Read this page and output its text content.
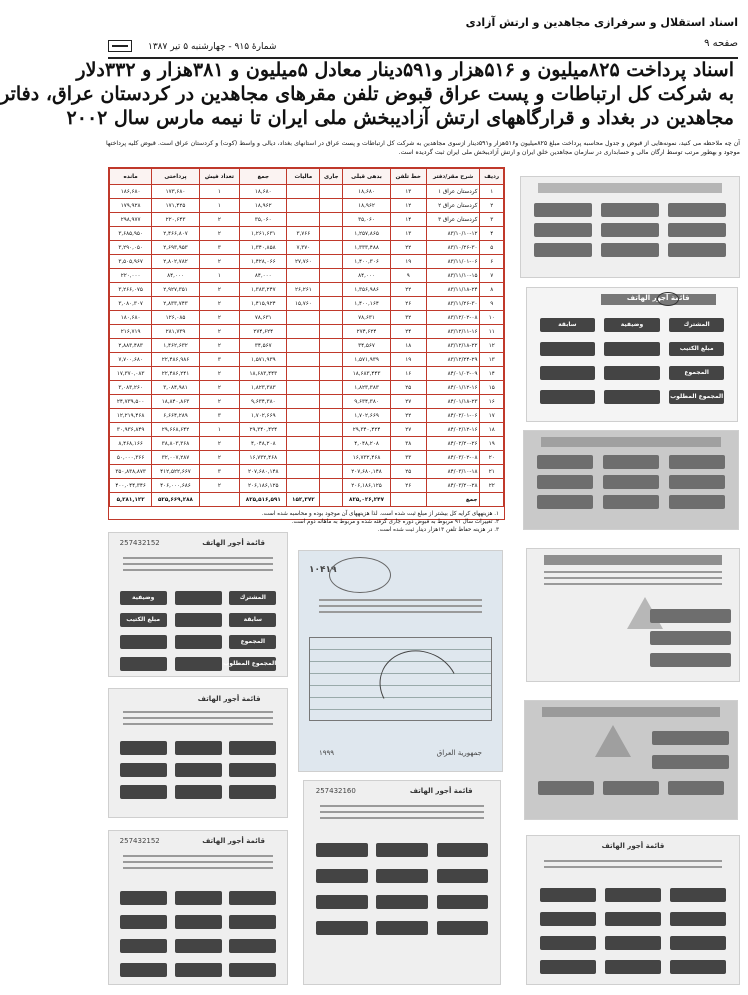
اسناد استقلال و سرفرازی مجاهدین و ارتش آزادی
صفحه ۹
شمارهٔ ۹۱۵ - چهارشنبه ۵ تیر ۱۳۸۷

اسناد پرداخت ۸۲۵میلیون و ۵۱۶هزار و۵۹۱دینار معادل ۵میلیون و ۳۸۱هزار و ۳۳۲دلار

به شرکت کل ارتباطات و پست عراق قبوض تلفن مقرهای مجاهدین در کردستان عراق، دفاتر

مجاهدین در بغداد و قرارگاههای ارتش آزادیبخش ملی ایران تا نیمه مارس سال ۲۰۰۲

آن چه ملاحظه می کنید، نمونه‌هایی از قبوض و جدول محاسبه پرداخت مبلغ ۸۲۵میلیون و۵۱۶هزار و۵۹۱دینار ازسوی مجاهدین به شرکت کل ارتباطات و پست عراق در استانهای بغداد، دیالی و واسط (کوت) و کردستان عراق است. قبوض کلیه پرداختها موجود و بهطور مرتب توسط ارگان مالی و حسابداری در سازمان مجاهدین خلق ایران و ارتش آزادیبخش ملی ایران ثبت گردیده است.

ردیف	شرح مقر/دفتر	خط تلفن	بدهی قبلی	جاری	مالیات	جمع	تعداد فیش	پرداختی	مانده
۱	کردستان عراق ۱	۱۳	۱۸,۶۸۰			۱۸,۶۸۰	۱	۱۷۳,۶۸۰	۱۸۶,۶۸۰
۲	کردستان عراق ۲	۱۲	۱۸,۹۶۲			۱۸,۹۶۲	۱	۱۷۱,۴۲۵	۱۷۹,۹۲۸
۳	کردستان عراق ۳	۱۴	۳۵,۰۶۰			۳۵,۰۶۰	۲	۲۲۰,۶۴۳	۲۹۸,۹۷۷
۴	۸۳/۱۰/۱۰-۱۲	۱۳	۱,۲۵۷,۸۶۵		۳,۷۶۶	۱,۲۶۱,۶۳۱	۲	۲,۴۶۶,۸۰۷	۳,۶۸۵,۹۵۰
۵	۸۳/۱۰/۲۶-۳۰	۲۲	۱,۳۳۳,۴۸۸		۷,۳۷۰	۱,۳۴۰,۸۵۸	۳	۲,۶۹۳,۹۵۳	۳,۲۹۰,۰۵۰
۶	۸۳/۱۱/۰۱-۰۶	۱۹	۱,۴۰۰,۳۰۶		۲۷,۷۶۰	۱,۴۲۸,۰۶۶	۲	۲,۸۰۲,۷۸۲	۳,۵۰۵,۹۶۷
۷	۸۳/۱۱/۱۰-۱۵	۹	۸۴,۰۰۰			۸۴,۰۰۰	۱	۸۴,۰۰۰	۲۲۰,۰۰۰
۸	۸۳/۱۱/۱۸-۲۴	۲۲	۱,۳۵۶,۹۸۶		۲۶,۲۶۱	۱,۳۸۳,۲۴۷	۲	۲,۹۲۷,۳۵۱	۳,۲۶۶,۰۷۵
۹	۸۳/۱۱/۲۶-۳۰	۲۶	۱,۴۰۰,۱۶۴		۱۵,۷۶۰	۱,۴۱۵,۹۲۴	۲	۲,۸۳۳,۷۴۳	۳,۰۸۰,۳۰۷
۱۰	۸۳/۱۲/۰۲-۰۸	۳۲	۷۸,۶۳۱			۷۸,۶۳۱	۲	۱۲۶,۰۸۵	۱۸۰,۶۸۰
۱۱	۸۳/۱۲/۱۱-۱۶	۲۴	۲۷۴,۶۲۴			۲۷۴,۶۲۴	۲	۲۸۱,۷۳۹	۲۱۶,۷۱۹
۱۲	۸۳/۱۲/۱۸-۲۲	۱۸	۳۴,۵۶۷			۳۴,۵۶۷	۲	۱,۴۶۲,۶۳۲	۲,۸۸۳,۴۸۳
۱۳	۸۳/۱۲/۲۴-۲۹	۱۹	۱,۵۷۱,۹۳۹			۱,۵۷۱,۹۳۹	۳	۲۲,۴۸۶,۹۸۶	۷,۷۰۰,۶۸۰
۱۴	۸۴/۰۱/۰۳-۰۹	۱۶	۱۸,۶۸۳,۴۴۳			۱۸,۶۸۳,۴۴۳	۲	۲۲,۴۸۶,۲۴۱	۱۷,۳۷۰,۰۸۳
۱۵	۸۴/۰۱/۱۲-۱۶	۲۵	۱,۸۲۳,۳۸۳			۱,۸۲۳,۳۸۳	۲	۳,۰۸۴,۹۸۱	۳,۰۸۳,۲۶۰
۱۶	۸۴/۰۱/۱۸-۲۳	۲۷	۹,۶۳۴,۳۸۰			۹,۶۳۴,۳۸۰	۲	۱۸,۸۴۰,۸۶۳	۲۴,۷۳۹,۵۰۰
۱۷	۸۴/۰۲/۰۱-۰۶	۲۲	۱,۷۰۲,۶۶۹			۱,۷۰۲,۶۶۹	۳	۶,۶۶۴,۲۸۹	۱۲,۲۱۹,۴۶۸
۱۸	۸۴/۰۲/۱۲-۱۶	۲۷	۲۹,۳۴۰,۴۲۴			۲۹,۳۴۰,۴۲۴	۱	۲۹,۶۶۸,۶۴۲	۳۰,۹۳۶,۸۴۹
۱۹	۸۴/۰۲/۲۰-۲۶	۳۸	۴,۰۴۸,۲۰۸			۴,۰۴۸,۲۰۸	۲	۳۸,۸۰۳,۳۶۸	۸,۴۶۸,۱۶۶
۲۰	۸۴/۰۳/۰۲-۰۸	۳۳	۱۶,۷۳۲,۴۶۸			۱۶,۷۳۲,۴۶۸	۲	۳۲,۰۰۷,۲۸۷	۵۰,۰۰۰,۳۶۶
۲۱	۸۴/۰۳/۱۰-۱۸	۲۵	۲۰۷,۶۸۰,۱۴۸			۲۰۷,۶۸۰,۱۴۸	۳	۴۱۲,۵۲۲,۶۶۷	۳۵۰,۸۳۸,۸۷۳
۲۲	۸۴/۰۳/۲۰-۲۸	۲۶	۲۰۶,۱۸۶,۱۲۵			۲۰۶,۱۸۶,۱۲۵	۲	۴۰۶,۰۰۰,۶۸۶	۴۰۰,۰۴۴,۳۴۶
	جمع		۸۲۵,۰۲۶,۲۴۷		۱۵۲,۳۷۲	۸۲۵,۵۱۶,۵۹۱		۵۲۵,۶۶۹,۲۸۸	۵,۲۸۱,۱۲۲

۱. هزینههای کرایه کل بیشتر از مبلغ ثبت شده است. لذا هزینههای آن موجود بوده و محاسبه شده است.

۲. تغییرات سال ۹۱ مربوط به قبوض دوره جاری گرفته شده و مربوط به ماهانه دوم است.

۳. در هزینه حفاظ تلفن ۱۳هزار دینار ثبت شده است.

قائمة أجور الهاتف
المشترك
وضيفية
سابقة
مبلغ الكتيب
المجموع
المجموع المطلوب
قائمة أجور الهاتف
257432152	قائمة أجور الهاتف
المشترك
وضيفية
سابقة
مبلغ الكتيب
المجموع
المجموع المطلوب
قائمة أجور الهاتف
257432152	قائمة أجور الهاتف
۱۰۴۱۹
۱۹۹۹	جمهورية العراق
257432160	قائمة أجور الهاتف
